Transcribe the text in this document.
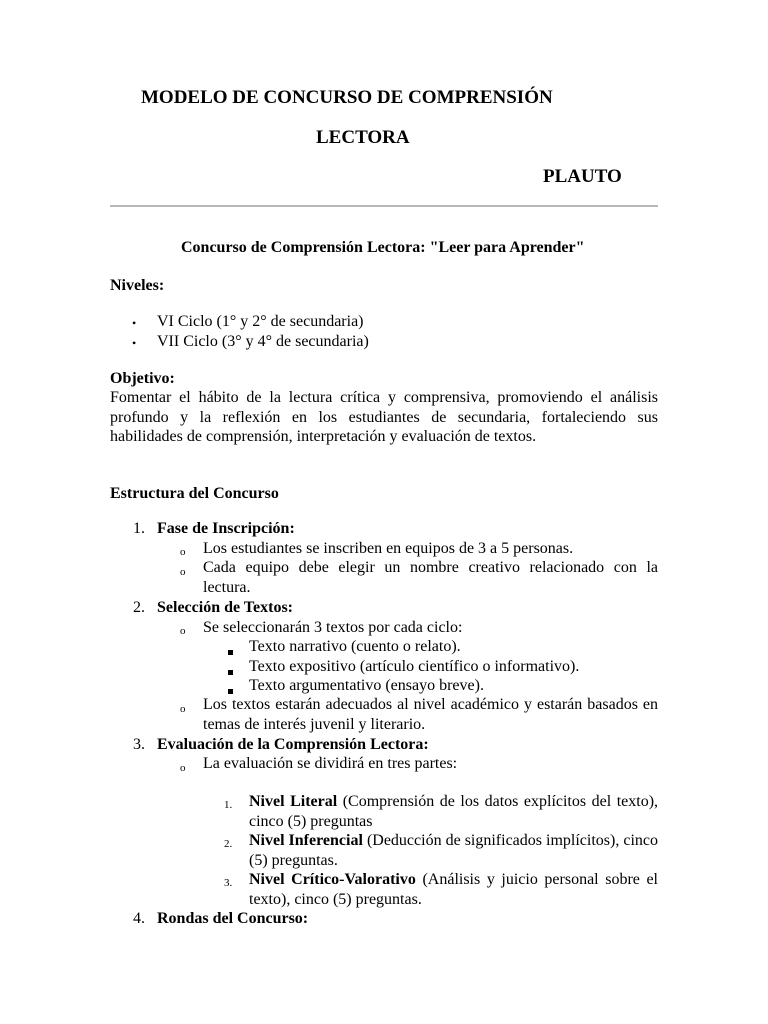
MODELO DE CONCURSO DE COMPRENSIÓN
LECTORA
PLAUTO
Concurso de Comprensión Lectora: "Leer para Aprender"
Niveles:
• VI Ciclo (1° y 2° de secundaria)
• VII Ciclo (3° y 4° de secundaria)
Objetivo:
Fomentar el hábito de la lectura crítica y comprensiva, promoviendo el análisis profundo y la reflexión en los estudiantes de secundaria, fortaleciendo sus habilidades de comprensión, interpretación y evaluación de textos.
Estructura del Concurso
1. Fase de Inscripción:
o Los estudiantes se inscriben en equipos de 3 a 5 personas.
o Cada equipo debe elegir un nombre creativo relacionado con la lectura.
2. Selección de Textos:
o Se seleccionarán 3 textos por cada ciclo:
Texto narrativo (cuento o relato).
Texto expositivo (artículo científico o informativo).
Texto argumentativo (ensayo breve).
o Los textos estarán adecuados al nivel académico y estarán basados en temas de interés juvenil y literario.
3. Evaluación de la Comprensión Lectora:
o La evaluación se dividirá en tres partes:
1. Nivel Literal (Comprensión de los datos explícitos del texto), cinco (5) preguntas
2. Nivel Inferencial (Deducción de significados implícitos), cinco (5) preguntas.
3. Nivel Crítico-Valorativo (Análisis y juicio personal sobre el texto), cinco (5) preguntas.
4. Rondas del Concurso:
